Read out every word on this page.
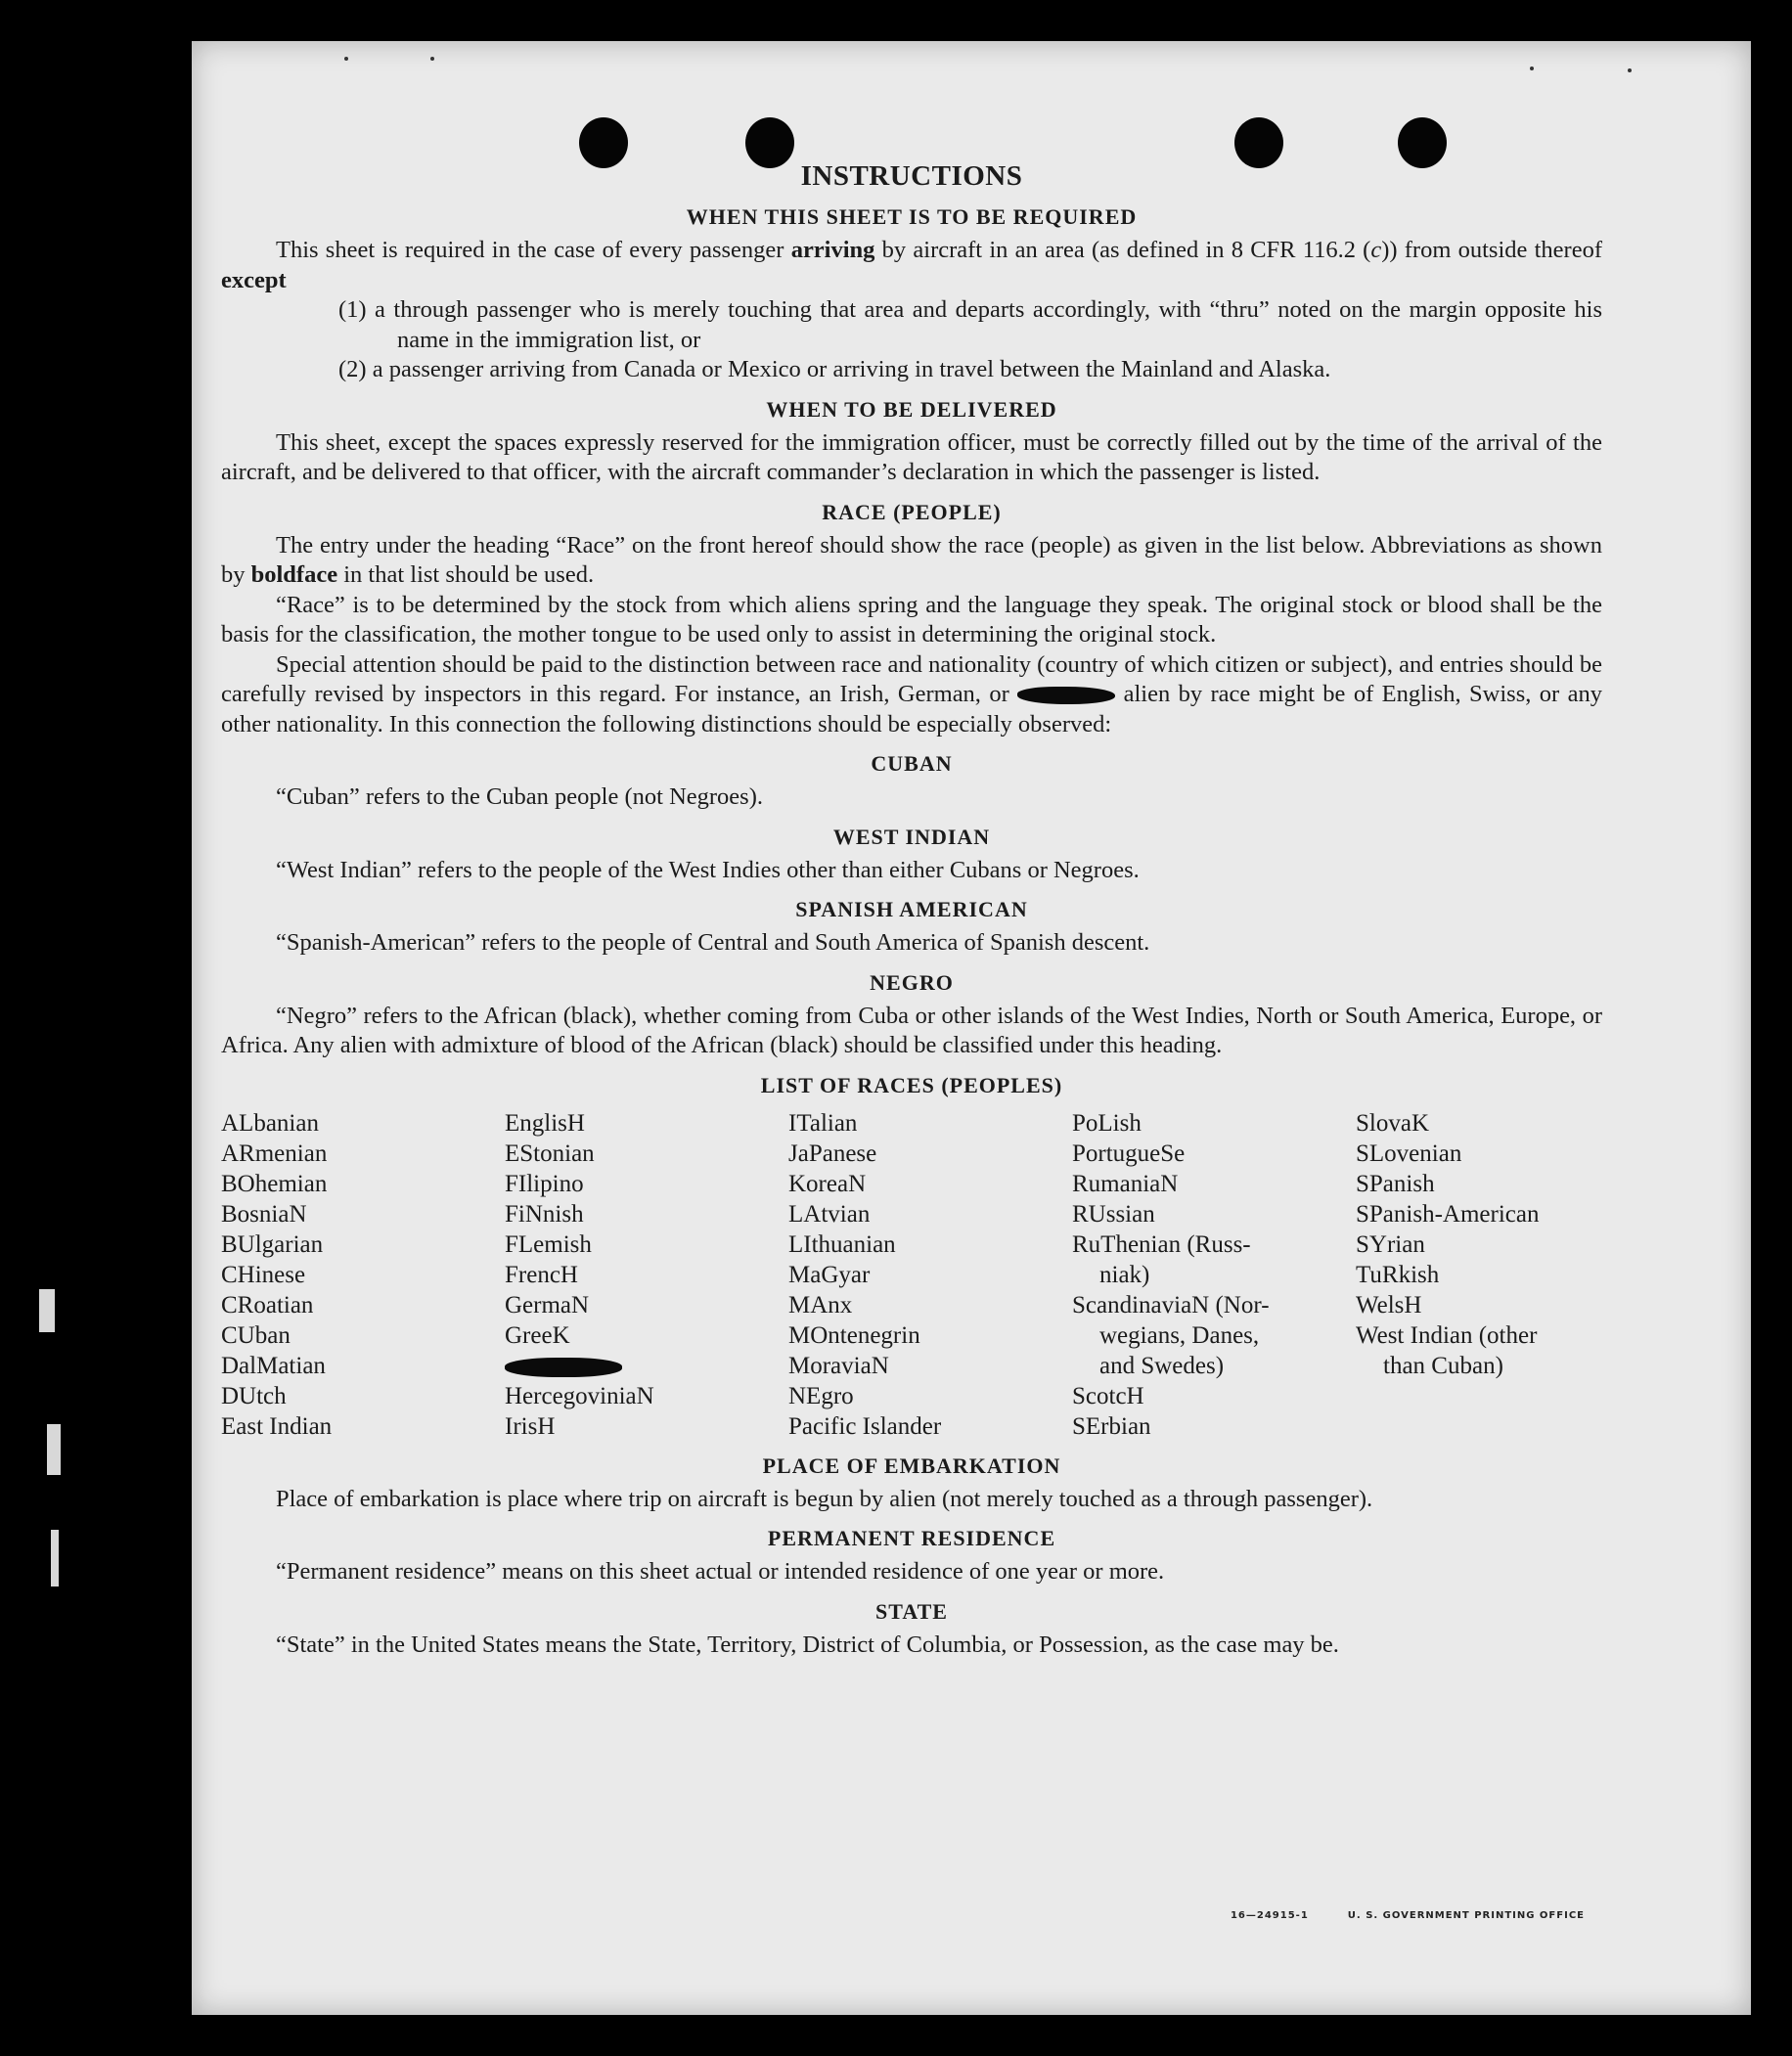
INSTRUCTIONS
WHEN THIS SHEET IS TO BE REQUIRED

This sheet is required in the case of every passenger arriving by aircraft in an area (as defined in 8 CFR 116.2 (c)) from outside thereof except

(1) a through passenger who is merely touching that area and departs accordingly, with “thru” noted on the margin opposite his name in the immigration list, or

(2) a passenger arriving from Canada or Mexico or arriving in travel between the Mainland and Alaska.

WHEN TO BE DELIVERED

This sheet, except the spaces expressly reserved for the immigration officer, must be correctly filled out by the time of the arrival of the aircraft, and be delivered to that officer, with the aircraft commander’s declaration in which the passenger is listed.

RACE (PEOPLE)

The entry under the heading “Race” on the front hereof should show the race (people) as given in the list below. Abbreviations as shown by boldface in that list should be used.

“Race” is to be determined by the stock from which aliens spring and the language they speak. The original stock or blood shall be the basis for the classification, the mother tongue to be used only to assist in determining the original stock.

Special attention should be paid to the distinction between race and nationality (country of which citizen or subject), and entries should be carefully revised by inspectors in this regard. For instance, an Irish, German, or	alien by race might be of English, Swiss, or any other nationality. In this connection the following distinctions should be especially observed:

CUBAN

“Cuban” refers to the Cuban people (not Negroes).

WEST INDIAN

“West Indian” refers to the people of the West Indies other than either Cubans or Negroes.

SPANISH AMERICAN

“Spanish-American” refers to the people of Central and South America of Spanish descent.

NEGRO

“Negro” refers to the African (black), whether coming from Cuba or other islands of the West Indies, North or South America, Europe, or Africa. Any alien with admixture of blood of the African (black) should be classified under this heading.

LIST OF RACES (PEOPLES)
ALbanian
ARmenian
BOhemian
BosniaN
BUlgarian
CHinese
CRoatian
CUban
DalMatian
DUtch
East Indian
EnglisH
EStonian
FIlipino
FiNnish
FLemish
FrencH
GermaN
GreeK
HercegoviniaN
IrisH
ITalian
JaPanese
KoreaN
LAtvian
LIthuanian
MaGyar
MAnx
MOntenegrin
MoraviaN
NEgro
Pacific Islander
PoLish
PortugueSe
RumaniaN
RUssian
RuThenian (Russ-
niak)
ScandinaviaN (Nor-
wegians, Danes,
and Swedes)
ScotcH
SErbian
SlovaK
SLovenian
SPanish
SPanish-American
SYrian
TuRkish
WelsH
West Indian (other
than Cuban)
PLACE OF EMBARKATION

Place of embarkation is place where trip on aircraft is begun by alien (not merely touched as a through passenger).

PERMANENT RESIDENCE

“Permanent residence” means on this sheet actual or intended residence of one year or more.

STATE

“State” in the United States means the State, Territory, District of Columbia, or Possession, as the case may be.

16—24915-1	U. S. GOVERNMENT PRINTING OFFICE
